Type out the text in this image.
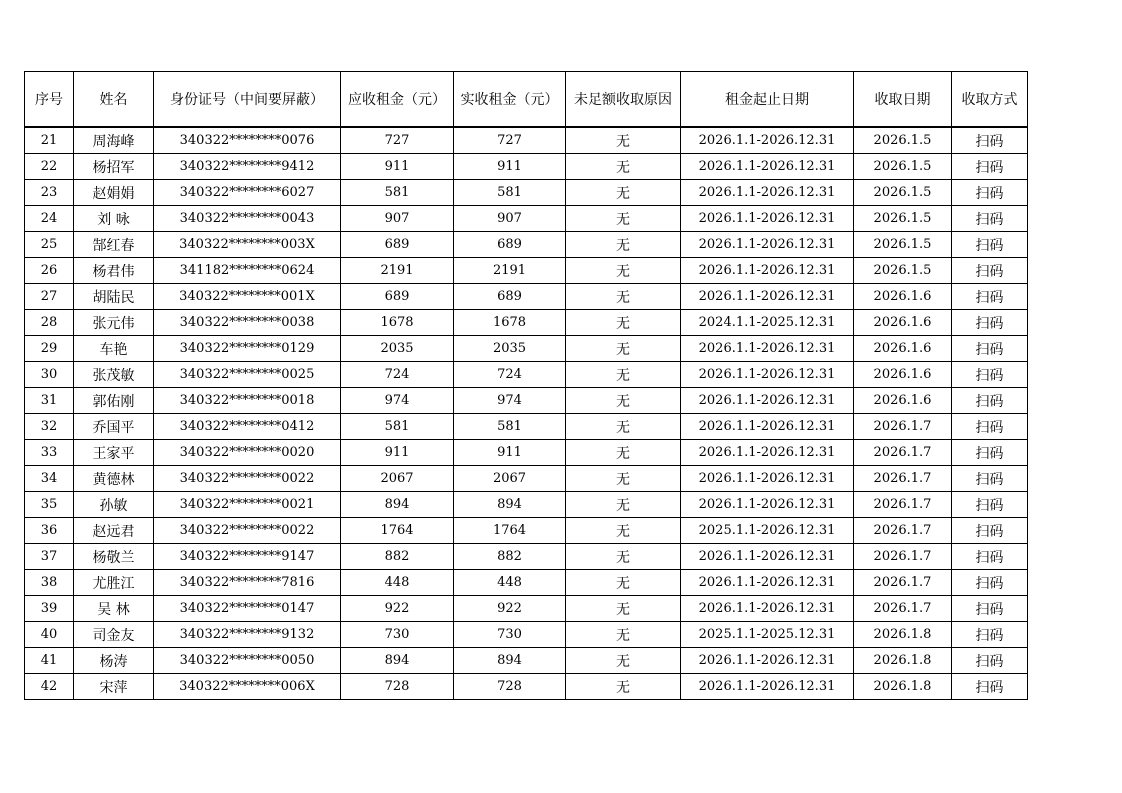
序号	姓名	身份证号（中间要屏蔽）	应收租金（元）	实收租金（元）	未足额收取原因	租金起止日期	收取日期	收取方式
21	周海峰	340322********0076	727	727	无	2026.1.1-2026.12.31	2026.1.5	扫码
22	杨招军	340322********9412	911	911	无	2026.1.1-2026.12.31	2026.1.5	扫码
23	赵娟娟	340322********6027	581	581	无	2026.1.1-2026.12.31	2026.1.5	扫码
24	刘 咏	340322********0043	907	907	无	2026.1.1-2026.12.31	2026.1.5	扫码
25	郜红春	340322********003X	689	689	无	2026.1.1-2026.12.31	2026.1.5	扫码
26	杨君伟	341182********0624	2191	2191	无	2026.1.1-2026.12.31	2026.1.5	扫码
27	胡陆民	340322********001X	689	689	无	2026.1.1-2026.12.31	2026.1.6	扫码
28	张元伟	340322********0038	1678	1678	无	2024.1.1-2025.12.31	2026.1.6	扫码
29	车艳	340322********0129	2035	2035	无	2026.1.1-2026.12.31	2026.1.6	扫码
30	张茂敏	340322********0025	724	724	无	2026.1.1-2026.12.31	2026.1.6	扫码
31	郭佑刚	340322********0018	974	974	无	2026.1.1-2026.12.31	2026.1.6	扫码
32	乔国平	340322********0412	581	581	无	2026.1.1-2026.12.31	2026.1.7	扫码
33	王家平	340322********0020	911	911	无	2026.1.1-2026.12.31	2026.1.7	扫码
34	黄德林	340322********0022	2067	2067	无	2026.1.1-2026.12.31	2026.1.7	扫码
35	孙敏	340322********0021	894	894	无	2026.1.1-2026.12.31	2026.1.7	扫码
36	赵远君	340322********0022	1764	1764	无	2025.1.1-2026.12.31	2026.1.7	扫码
37	杨敬兰	340322********9147	882	882	无	2026.1.1-2026.12.31	2026.1.7	扫码
38	尤胜江	340322********7816	448	448	无	2026.1.1-2026.12.31	2026.1.7	扫码
39	吴 林	340322********0147	922	922	无	2026.1.1-2026.12.31	2026.1.7	扫码
40	司金友	340322********9132	730	730	无	2025.1.1-2025.12.31	2026.1.8	扫码
41	杨涛	340322********0050	894	894	无	2026.1.1-2026.12.31	2026.1.8	扫码
42	宋萍	340322********006X	728	728	无	2026.1.1-2026.12.31	2026.1.8	扫码
